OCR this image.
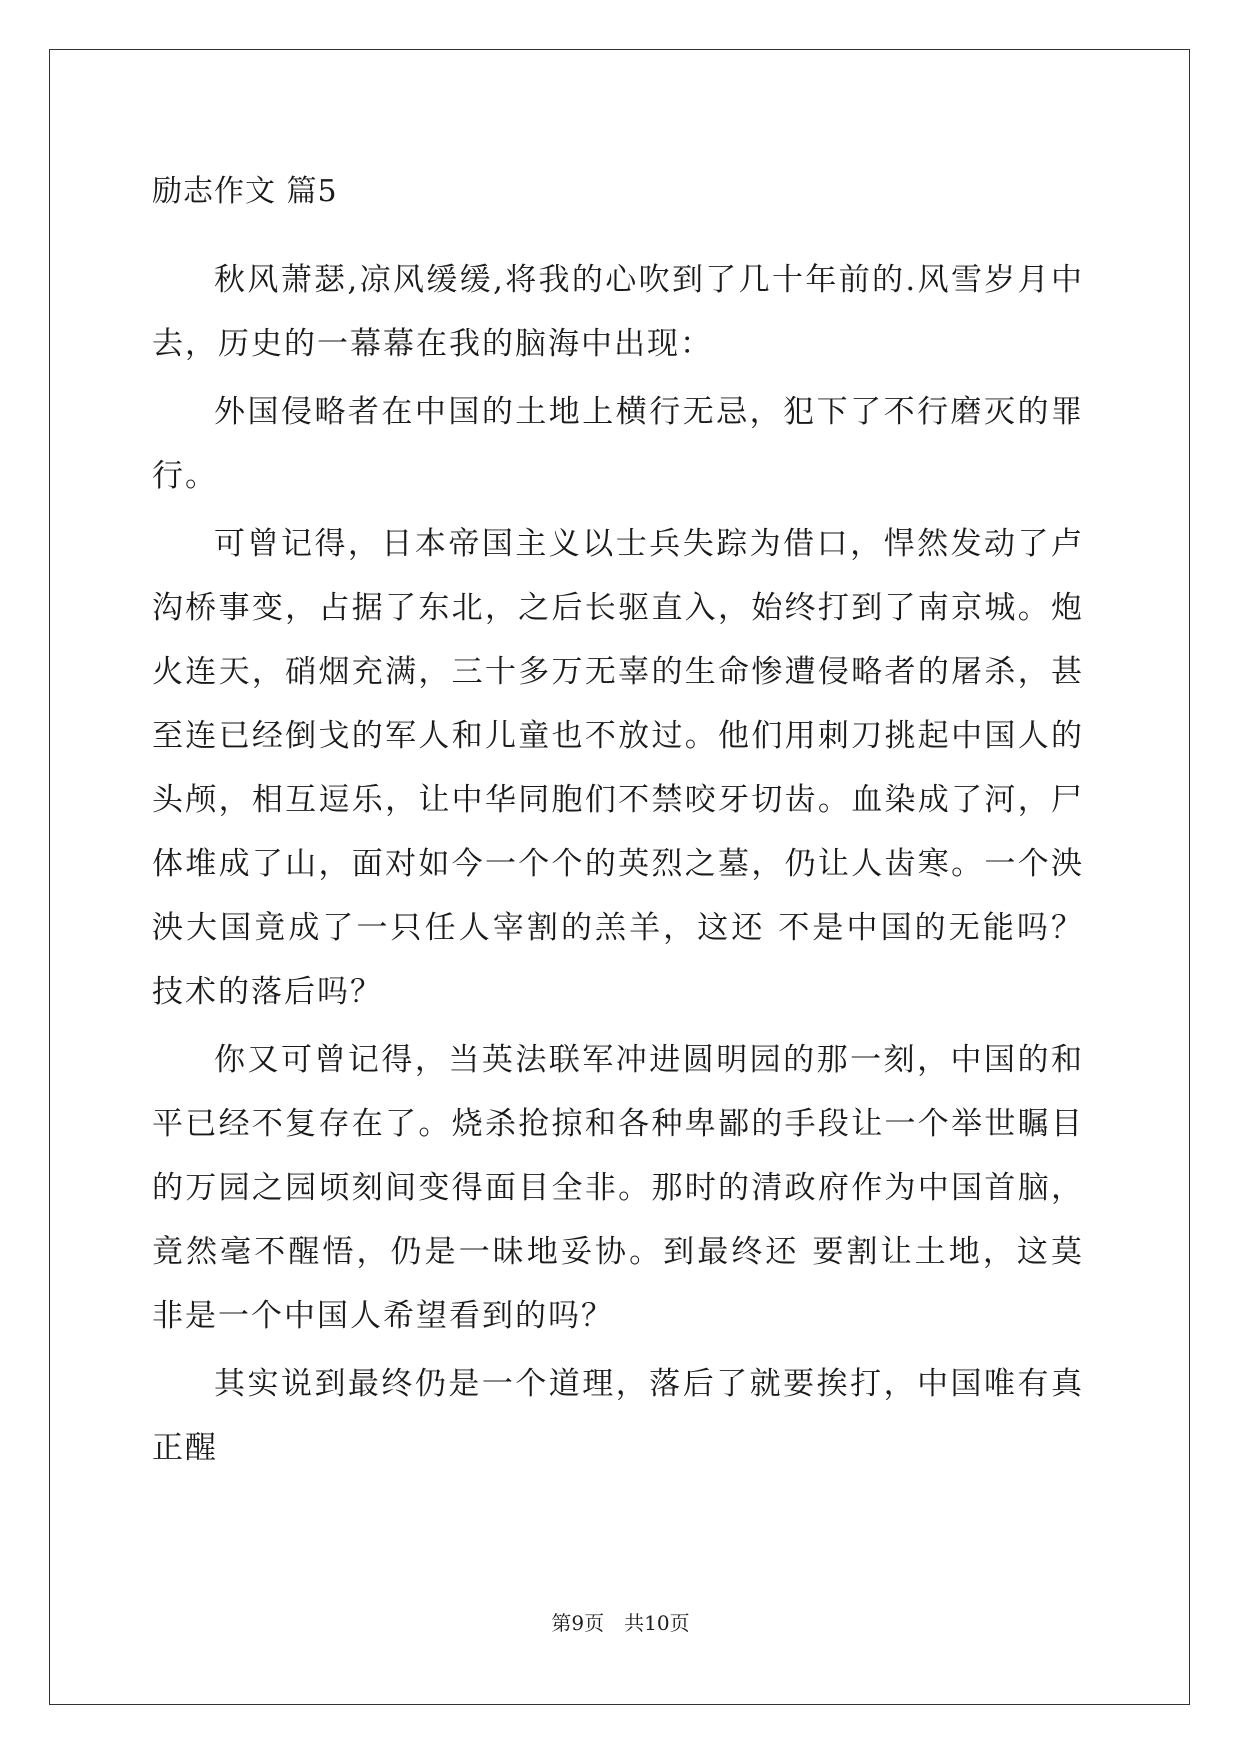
励志作文 篇5

秋风萧瑟,凉风缓缓,将我的心吹到了几十年前的.风雪岁月中去，历史的一幕幕在我的脑海中出现：

外国侵略者在中国的土地上横行无忌，犯下了不行磨灭的罪行。

可曾记得，日本帝国主义以士兵失踪为借口，悍然发动了卢沟桥事变，占据了东北，之后长驱直入，始终打到了南京城。炮火连天，硝烟充满，三十多万无辜的生命惨遭侵略者的屠杀，甚至连已经倒戈的军人和儿童也不放过。他们用刺刀挑起中国人的头颅，相互逗乐，让中华同胞们不禁咬牙切齿。血染成了河，尸体堆成了山，面对如今一个个的英烈之墓，仍让人齿寒。一个泱泱大国竟成了一只任人宰割的羔羊，这还 不是中国的无能吗？技术的落后吗？

你又可曾记得，当英法联军冲进圆明园的那一刻，中国的和平已经不复存在了。烧杀抢掠和各种卑鄙的手段让一个举世瞩目的万园之园顷刻间变得面目全非。那时的清政府作为中国首脑，竟然毫不醒悟，仍是一昧地妥协。到最终还 要割让土地，这莫非是一个中国人希望看到的吗？

其实说到最终仍是一个道理，落后了就要挨打，中国唯有真正醒

第9页 共10页
